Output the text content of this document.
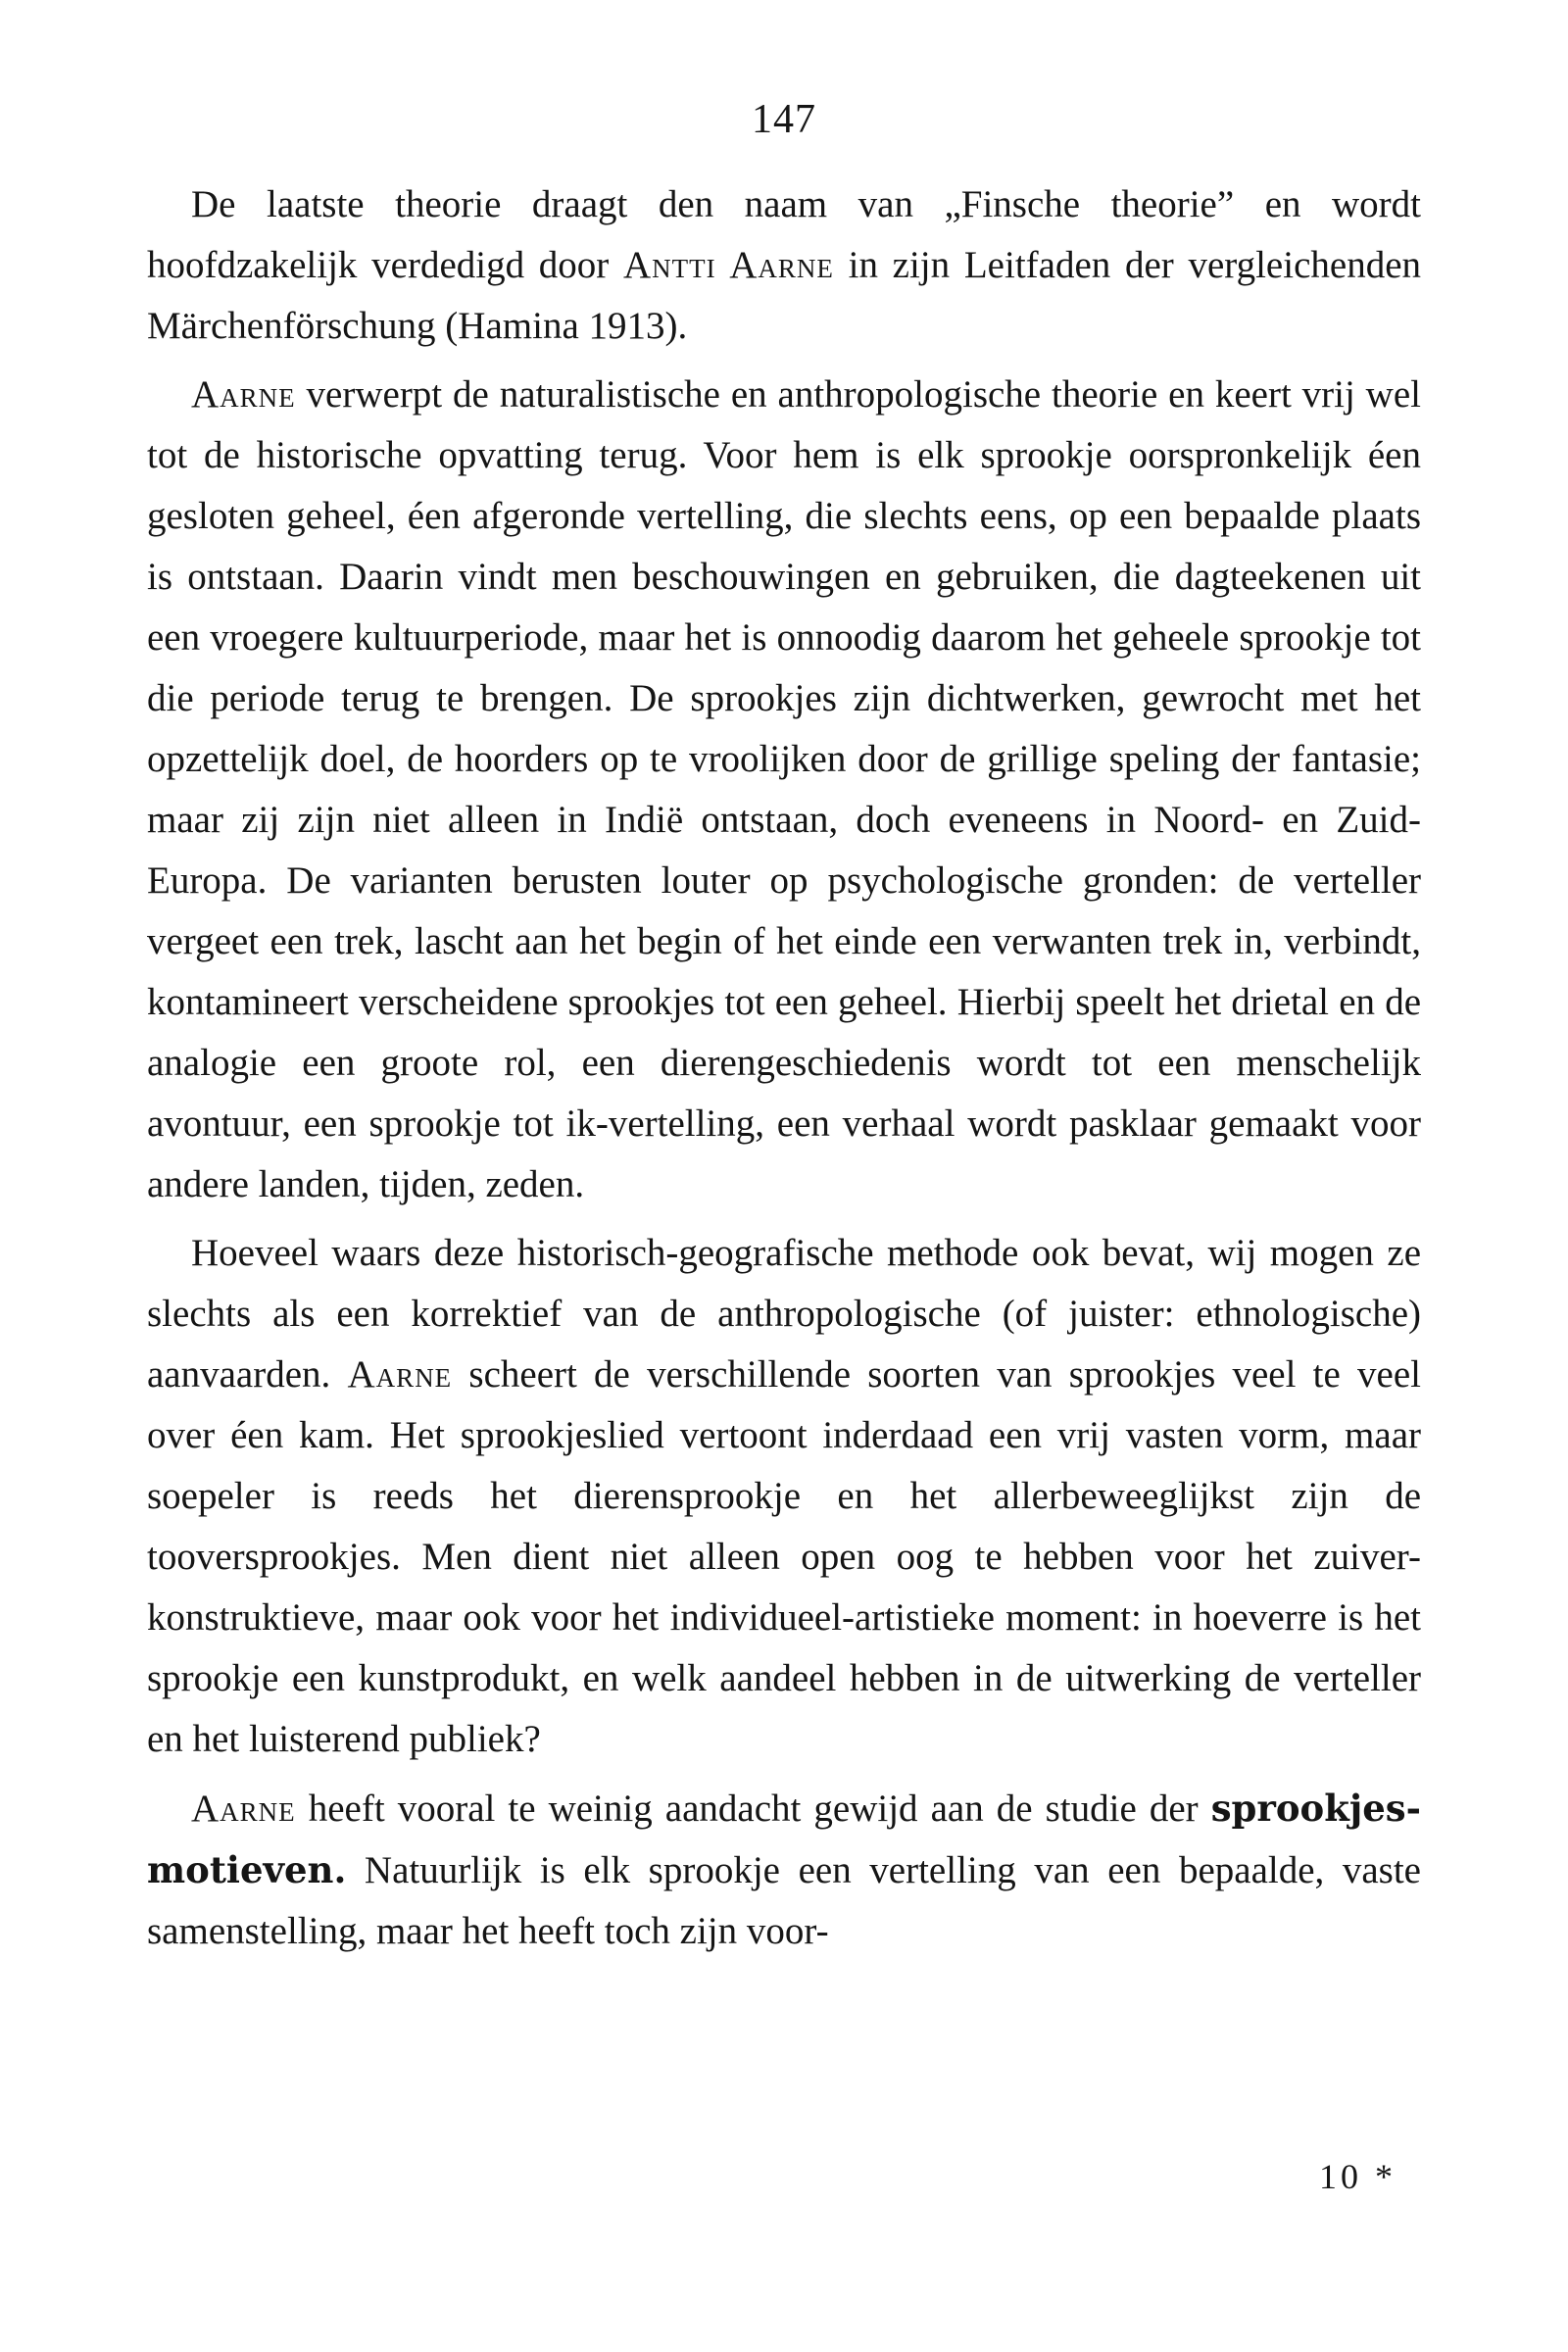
147

De laatste theorie draagt den naam van „Finsche theorie” en wordt hoofdzakelijk verdedigd door Antti Aarne in zijn Leitfaden der vergleichenden Märchenförschung (Hamina 1913).

Aarne verwerpt de naturalistische en anthropologische theorie en keert vrij wel tot de historische opvatting terug. Voor hem is elk sprookje oorspronkelijk éen gesloten geheel, éen afgeronde vertelling, die slechts eens, op een bepaalde plaats is ontstaan. Daarin vindt men beschouwingen en gebruiken, die dagteekenen uit een vroegere kultuurperiode, maar het is onnoodig daarom het geheele sprookje tot die periode terug te brengen. De sprookjes zijn dichtwerken, gewrocht met het opzettelijk doel, de hoorders op te vroolijken door de grillige speling der fantasie; maar zij zijn niet alleen in Indië ontstaan, doch eveneens in Noord- en Zuid-Europa. De varianten berusten louter op psychologische gronden: de verteller vergeet een trek, lascht aan het begin of het einde een verwanten trek in, verbindt, kontamineert verscheidene sprookjes tot een geheel. Hierbij speelt het drietal en de analogie een groote rol, een dierengeschiedenis wordt tot een menschelijk avontuur, een sprookje tot ik-vertelling, een verhaal wordt pasklaar gemaakt voor andere landen, tijden, zeden.

Hoeveel waars deze historisch-geografische methode ook bevat, wij mogen ze slechts als een korrektief van de anthropologische (of juister: ethnologische) aanvaarden. Aarne scheert de verschillende soorten van sprookjes veel te veel over éen kam. Het sprookjeslied vertoont inderdaad een vrij vasten vorm, maar soepeler is reeds het dierensprookje en het allerbeweeglijkst zijn de tooversprookjes. Men dient niet alleen open oog te hebben voor het zuiver-konstruktieve, maar ook voor het individueel-artistieke moment: in hoeverre is het sprookje een kunstprodukt, en welk aandeel hebben in de uitwerking de verteller en het luisterend publiek?

Aarne heeft vooral te weinig aandacht gewijd aan de studie der sprookjes-motieven. Natuurlijk is elk sprookje een vertelling van een bepaalde, vaste samenstelling, maar het heeft toch zijn voor-

10 *
